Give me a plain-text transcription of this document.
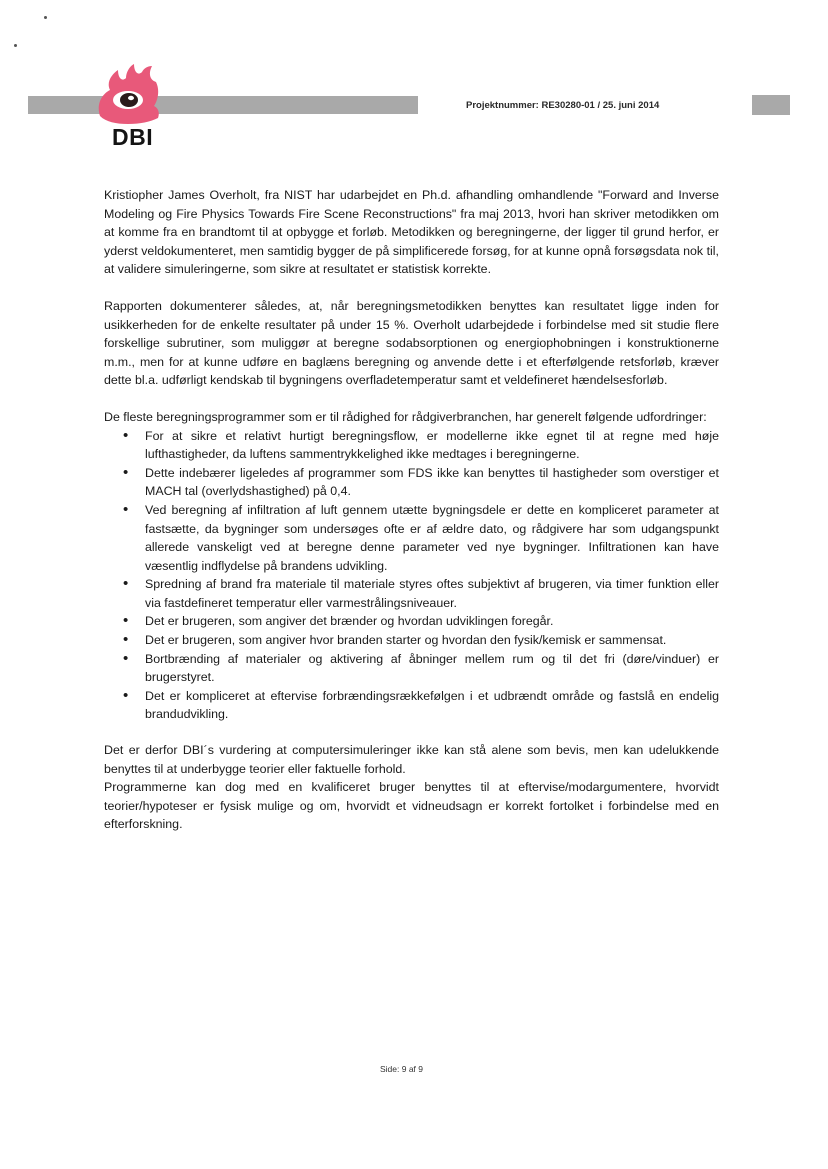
DBI
Projektnummer: RE30280-01 / 25. juni 2014

Kristiopher James Overholt, fra NIST har udarbejdet en Ph.d. afhandling omhandlende "Forward and Inverse Modeling og Fire Physics Towards Fire Scene Reconstructions" fra maj 2013, hvori han skriver metodikken om at komme fra en brandtomt til at opbygge et forløb. Metodikken og beregningerne, der ligger til grund herfor, er yderst veldokumenteret, men samtidig bygger de på simplificerede forsøg, for at kunne opnå forsøgsdata nok til, at validere simuleringerne, som sikre at resultatet er statistisk korrekte.

Rapporten dokumenterer således, at, når beregningsmetodikken benyttes kan resultatet ligge inden for usikkerheden for de enkelte resultater på under 15 %. Overholt udarbejdede i forbindelse med sit studie flere forskellige subrutiner, som muliggør at beregne sodabsorptionen og energiophobningen i konstruktionerne m.m., men for at kunne udføre en baglæns beregning og anvende dette i et efterfølgende retsforløb, kræver dette bl.a. udførligt kendskab til bygningens overfladetemperatur samt et veldefineret hændelsesforløb.

De fleste beregningsprogrammer som er til rådighed for rådgiverbranchen, har generelt følgende udfordringer:

• For at sikre et relativt hurtigt beregningsflow, er modellerne ikke egnet til at regne med høje lufthastigheder, da luftens sammentrykkelighed ikke medtages i beregningerne.
• Dette indebærer ligeledes af programmer som FDS ikke kan benyttes til hastigheder som overstiger et MACH tal (overlydshastighed) på 0,4.
• Ved beregning af infiltration af luft gennem utætte bygningsdele er dette en kompliceret parameter at fastsætte, da bygninger som undersøges ofte er af ældre dato, og rådgivere har som udgangspunkt allerede vanskeligt ved at beregne denne parameter ved nye bygninger. Infiltrationen kan have væsentlig indflydelse på brandens udvikling.
• Spredning af brand fra materiale til materiale styres oftes subjektivt af brugeren, via timer funktion eller via fastdefineret temperatur eller varmestrålingsniveauer.
• Det er brugeren, som angiver det brænder og hvordan udviklingen foregår.
• Det er brugeren, som angiver hvor branden starter og hvordan den fysik/kemisk er sammensat.
• Bortbrænding af materialer og aktivering af åbninger mellem rum og til det fri (døre/vinduer) er brugerstyret.
• Det er kompliceret at eftervise forbrændingsrækkefølgen i et udbrændt område og fastslå en endelig brandudvikling.

Det er derfor DBI´s vurdering at computersimuleringer ikke kan stå alene som bevis, men kan udelukkende benyttes til at underbygge teorier eller faktuelle forhold.

Programmerne kan dog med en kvalificeret bruger benyttes til at eftervise/modargumentere, hvorvidt teorier/hypoteser er fysisk mulige og om, hvorvidt et vidneudsagn er korrekt fortolket i forbindelse med en efterforskning.

Side: 9 af 9
